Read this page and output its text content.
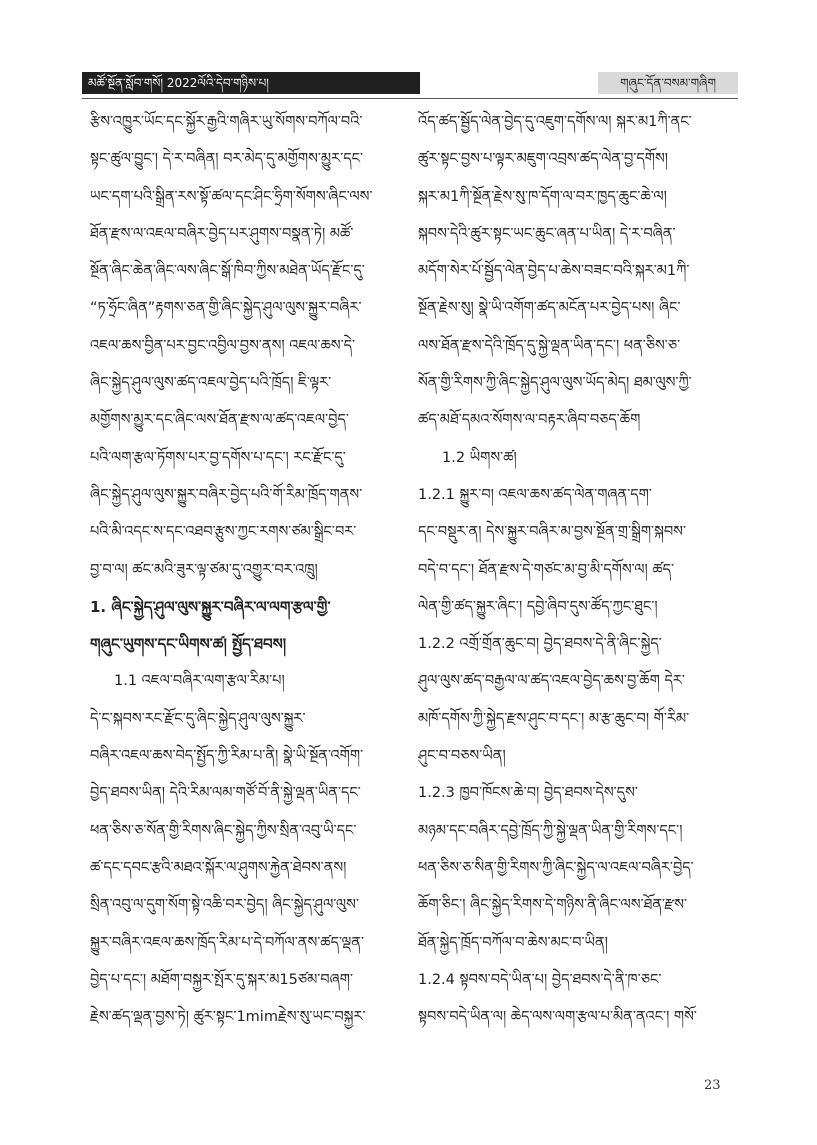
མཚོ་སྔོན་སློབ་གསོ། 2022ལོའི་དེབ་གཉིས་པ།	གཞུང་དོན་བསམ་གཞིག

རྩིས་འཁྱུར་ཡོང་དང་སྐྱོར་རྒྱའི་གཞིར་ཡུ་སོགས་བཀོལ་བའི་
སྟང་ཚུལ་བྱུང་། དེ་ར་བཞིན། བར་མེད་དུ་མགྱོགས་མྱུར་དང་
ཡང་དག་པའི་སྒྲིན་རས་སྟོ་ཚལ་དང་ཤིང་ཧྲིག་སོགས་ཞིང་ལས་
ཐོན་རྫས་ལ་འཇལ་བཞིར་བྱེད་པར་ཤུགས་བསྣན་ཏེ། མཚོ་
སྔོན་ཞིང་ཆེན་ཞིང་ལས་ཞིང་སྒོ་ཁིབ་ཀྱིས་མཐེན་ཡོད་རྫོང་དུ་
“ཏ་ཧྲོང་ཞིན”རྟགས་ཅན་གྱི་ཞིང་སྐྱེད་ཤུལ་ལུས་སྐྱུར་བཞིར་
འཇལ་ཆས་བྱིན་པར་བྱང་འབྱིལ་བྱས་ནས། འཇལ་ཆས་དེ་
ཞིང་སྐྱེད་ཤུལ་ལུས་ཚད་འཇལ་བྱེད་པའི་ཁྲོད། ཇི་ལྟར་
མགྱོགས་མྱུར་དང་ཞིང་ལས་ཐོན་རྫས་ལ་ཚད་འཇལ་བྱེད་
པའི་ལག་རྩལ་ཏོགས་པར་བྱ་དགོས་པ་དང་། རང་རྫོང་དུ་
ཞིང་སྐྱེད་ཤུལ་ལུས་སྐྱུར་བཞིར་བྱེད་པའི་གོ་རིམ་ཁྲོད་གནས་
པའི་མི་འདང་ས་དང་འཐབ་རྩུས་ཀྱང་རགས་ཙམ་སྒྲིང་བར་
བྱ་བ་ལ། ཚང་མའི་ཟུར་ལྟ་ཙམ་དུ་འགྱུར་བར་འཁྲུ།

1. ཞིང་སྐྱེད་ཤུལ་ལུས་སྐྱུར་བཞིར་ལ་ལག་རྩལ་གྱི་
གཞུང་ཡུགས་དང་ཡིགས་ཚ། སྤྱོད་ཐབས།

1.1 འཇལ་བཞིར་ལག་རྩལ་རིམ་པ།

དེ་ང་སྐབས་རང་རྫོང་དུ་ཞིང་སྐྱེད་ཤུལ་ལུས་སྐྱུར་
བཞིར་འཇལ་ཆས་བེད་སྤྱོད་ཀྱི་རིམ་པ་ནི། སྣེ་ཡི་སྔོན་འགོག་
བྱེད་ཐབས་ཡིན། དེའི་རིམ་ལམ་གཙོ་བོ་ནི་སྐྱེ་ལྡན་ཡིན་དང་
ཕན་ཅིས་ཅ་སོན་གྱི་རིགས་ཞིང་སྐྱེད་ཀྱིས་སྲིན་འབུ་ཡི་དང་
ཚ་དང་དབང་རྩའི་མཐའ་སྐོར་ལ་ཤུགས་རྐྱེན་ཐེབས་ནས།
སྲིན་འབུ་ལ་དུག་སོག་སྟེ་འཆི་བར་བྱེད། ཞིང་སྐྱེད་ཤུལ་ལུས་
སྐྱུར་བཞིར་འཇལ་ཆས་ཁྲོད་རིམ་པ་དེ་བཀོལ་ནས་ཚད་ལྡན་
བྱེད་པ་དང་། མཐོག་བསྐྱར་སྤོར་དུ་སྐར་མ15ཙམ་བཞག་
རྗེས་ཚད་ལྡན་བྱས་ཏེ། ཚུར་སྟང་1mimརྗེས་སུ་ཡང་བསྐྱར་

འོད་ཚད་སྦྱོད་ལེན་བྱེད་དུ་འཇུག་དགོས་ལ། སྐར་མ1ཀི་ནང་
ཚུར་སྟང་བྱས་པ་ལྟར་མཇུག་འབྲས་ཚད་ལེན་བྱ་དགོས།
སྐར་མ1ཀི་སྔོན་རྗེས་སུ་ཁ་དོག་ལ་བར་ཁྱད་ཆུང་ཆེ་ལ།
སྐབས་དེའི་ཚུར་སྟང་ཡང་ཆུང་ཞན་པ་ཡིན། དེ་ར་བཞིན་
མདོག་སེར་པོ་སྦྱོད་ལེན་བྱེད་པ་ཆེས་བཟང་བའི་སྐར་མ1ཀི་
སྔོན་རྗེས་སུ། སྣེ་ཡི་འགོག་ཚད་མངོན་པར་བྱེད་པས། ཞིང་
ལས་ཐོན་རྫས་དེའི་ཁྲོད་དུ་སྐྱེ་ལྡན་ཡིན་དང་། ཕན་ཅིས་ཅ་
སོན་གྱི་རིགས་ཀྱི་ཞིང་སྐྱེད་ཤུལ་ལུས་ཡོད་མེད། ཐམ་ལུས་ཀྱི་
ཚད་མཐོ་དམའ་སོགས་ལ་བརྟར་ཞིབ་བཅད་ཆོག

1.2 ཡིགས་ཚ།

1.2.1 སྐྱུར་བ། འཇལ་ཆས་ཚད་ལེན་གཞན་དག་
དང་བསྡུར་ན། དེས་སྐྱུར་བཞིར་མ་བྱས་སྔོན་གྲ་སྒྲིག་སྐབས་
བདེ་བ་དང་། ཐོན་རྫས་དེ་གཙང་མ་བྱ་མི་དགོས་ལ། ཚད་
ལེན་གྱི་ཚད་སྐྱུར་ཞིང་། དབྱེ་ཞིབ་དུས་ཚོད་ཀྱང་ཐུང་།
1.2.2 འགྲོ་གྲོན་ཆུང་བ། བྱེད་ཐབས་དེ་ནི་ཞིང་སྐྱེད་
ཤུལ་ལུས་ཚད་བརྒྱལ་ལ་ཚད་འཇལ་བྱེད་ཆས་བྱ་ཆོག དེར་
མཁོ་དགོས་ཀྱི་སྐྱེད་རྫས་ཤུང་བ་དང་། མ་རྩ་ཆུང་བ། གོ་རིམ་
ཤུང་བ་བཅས་ཡིན།
1.2.3 ཁྱབ་ཁོངས་ཆེ་བ། བྱེད་ཐབས་དེས་དུས་
མཉམ་དང་བཞིར་དབྱེ་ཁྲོད་ཀྱི་སྐྱེ་ལྡན་ཡིན་གྱི་རིགས་དང་།
ཕན་ཅིས་ཅ་སིན་གྱི་རིགས་ཀྱི་ཞིང་སྐྱེད་ལ་འཇལ་བཞིར་བྱེད་
ཆོག་ཅིང་། ཞིང་སྐྱེད་རིགས་དེ་གཉིས་ནི་ཞིང་ལས་ཐོན་རྫས་
ཐོན་སྐྱེད་ཁྲོད་བཀོལ་བ་ཆེས་མང་བ་ཡིན།
1.2.4 སྟབས་བདེ་ཡིན་པ། བྱེད་ཐབས་དེ་ནི་ཁ་ཅང་
སྟབས་བདེ་ཡིན་ལ། ཆེད་ལས་ལག་རྩལ་པ་མིན་ནའང་། གསོ་

23
